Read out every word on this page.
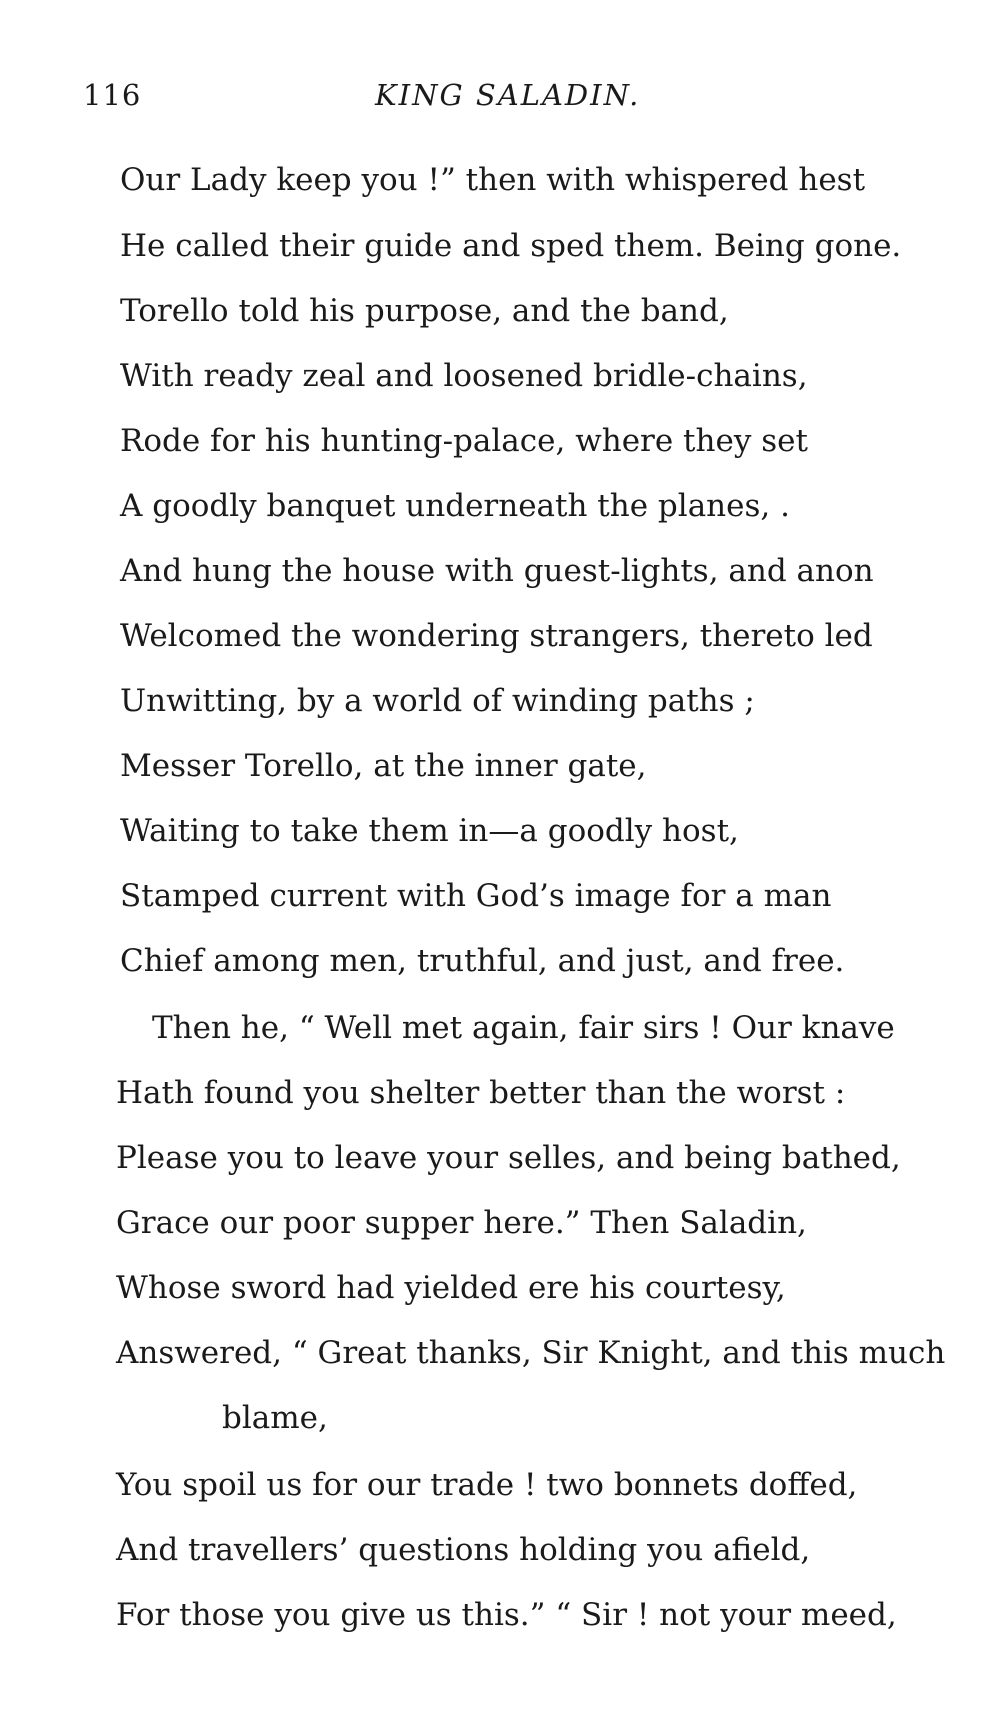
116	KING SALADIN.
Our Lady keep you !” then with whispered hest
He called their guide and sped them. Being gone.
Torello told his purpose, and the band,
With ready zeal and loosened bridle-chains,
Rode for his hunting-palace, where they set
A goodly banquet underneath the planes, .
And hung the house with guest-lights, and anon
Welcomed the wondering strangers, thereto led
Unwitting, by a world of winding paths ;
Messer Torello, at the inner gate,
Waiting to take them in—a goodly host,
Stamped current with God’s image for a man
Chief among men, truthful, and just, and free.
Then he, “ Well met again, fair sirs ! Our knave
Hath found you shelter better than the worst :
Please you to leave your selles, and being bathed,
Grace our poor supper here.” Then Saladin,
Whose sword had yielded ere his courtesy,
Answered, “ Great thanks, Sir Knight, and this much
blame,
You spoil us for our trade ! two bonnets doffed,
And travellers’ questions holding you afield,
For those you give us this.” “ Sir ! not your meed,
